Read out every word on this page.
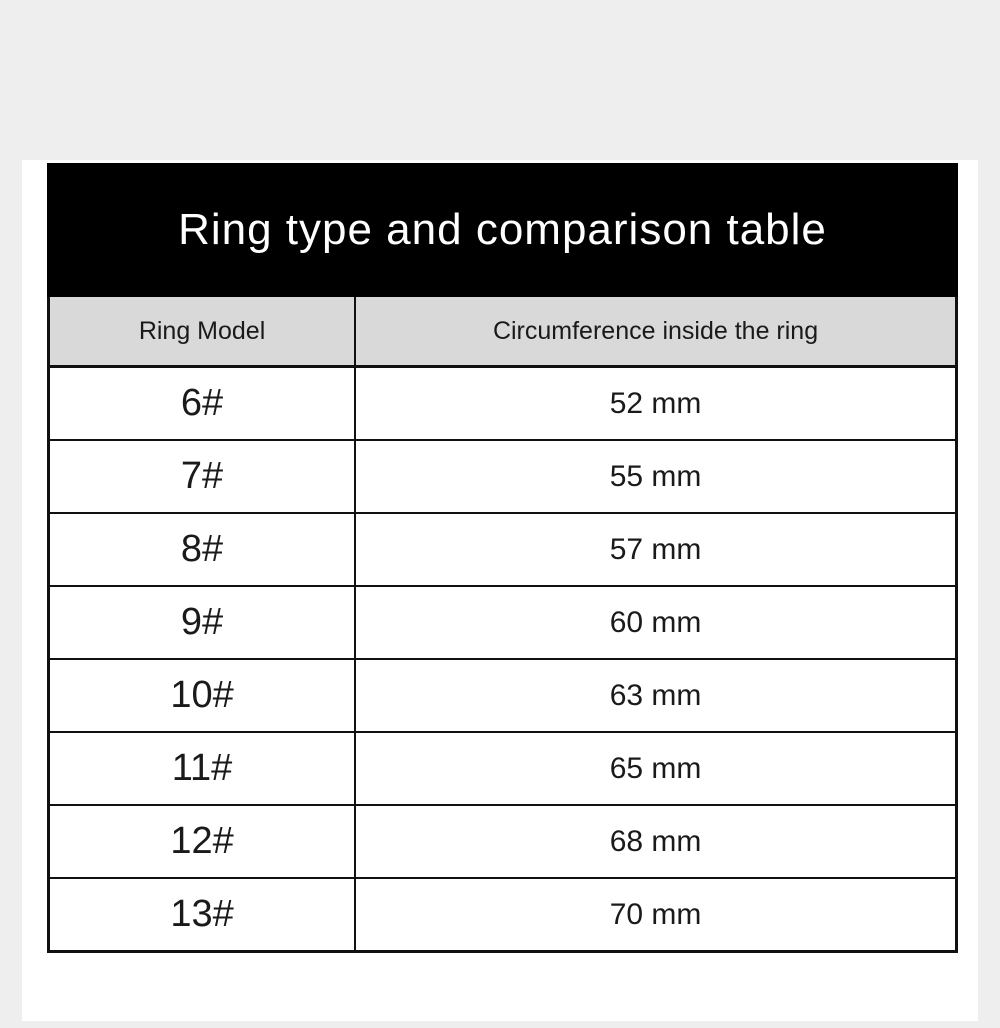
Ring type and comparison table
Ring Model	Circumference inside the ring
6#	52 mm
7#	55 mm
8#	57 mm
9#	60 mm
10#	63 mm
11#	65 mm
12#	68 mm
13#	70 mm
